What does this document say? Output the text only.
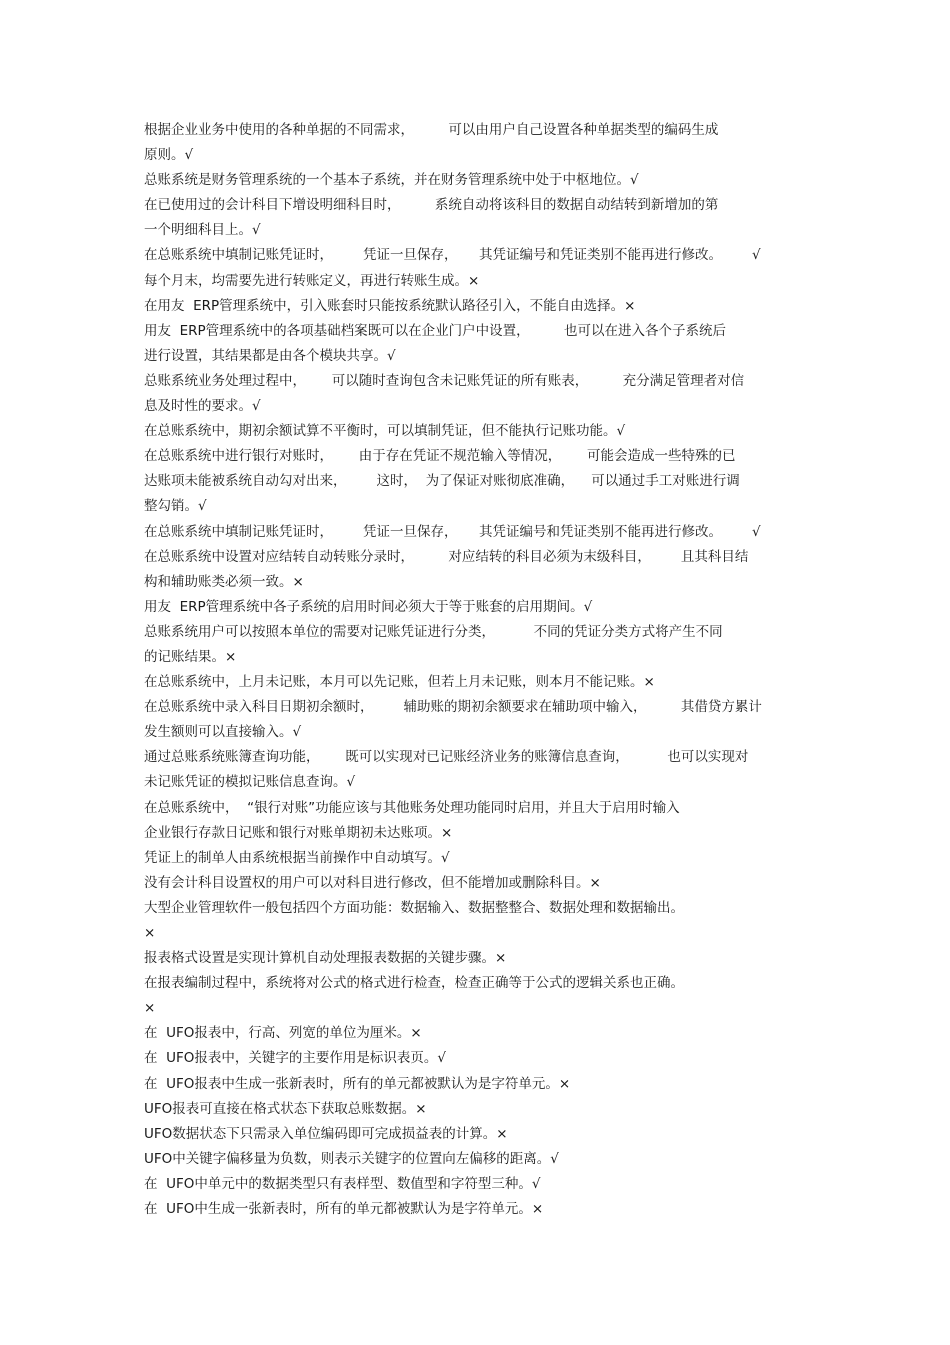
根据企业业务中使用的各种单据的不同需求，        可以由用户自己设置各种单据类型的编码生成
原则。√
总账系统是财务管理系统的一个基本子系统，并在财务管理系统中处于中枢地位。√
在已使用过的会计科目下增设明细科目时，        系统自动将该科目的数据自动结转到新增加的第
一个明细科目上。√
在总账系统中填制记账凭证时，       凭证一旦保存，     其凭证编号和凭证类别不能再进行修改。       √
每个月末，均需要先进行转账定义，再进行转账生成。×
在用友  ERP管理系统中，引入账套时只能按系统默认路径引入，不能自由选择。×
用友  ERP管理系统中的各项基础档案既可以在企业门户中设置，        也可以在进入各个子系统后
进行设置，其结果都是由各个模块共享。√
总账系统业务处理过程中，      可以随时查询包含未记账凭证的所有账表，        充分满足管理者对信
息及时性的要求。√
在总账系统中，期初余额试算不平衡时，可以填制凭证，但不能执行记账功能。√
在总账系统中进行银行对账时，      由于存在凭证不规范输入等情况，      可能会造成一些特殊的已
达账项未能被系统自动勾对出来，       这时，  为了保证对账彻底准确，    可以通过手工对账进行调
整勾销。√
在总账系统中填制记账凭证时，       凭证一旦保存，     其凭证编号和凭证类别不能再进行修改。       √
在总账系统中设置对应结转自动转账分录时，        对应结转的科目必须为末级科目，       且其科目结
构和辅助账类必须一致。×
用友  ERP管理系统中各子系统的启用时间必须大于等于账套的启用期间。√
总账系统用户可以按照本单位的需要对记账凭证进行分类，         不同的凭证分类方式将产生不同
的记账结果。×
在总账系统中，上月未记账，本月可以先记账，但若上月未记账，则本月不能记账。×
在总账系统中录入科目日期初余额时，       辅助账的期初余额要求在辅助项中输入，        其借贷方累计
发生额则可以直接输入。√
通过总账系统账簿查询功能，      既可以实现对已记账经济业务的账簿信息查询，         也可以实现对
未记账凭证的模拟记账信息查询。√
在总账系统中，  “银行对账”功能应该与其他账务处理功能同时启用，并且大于启用时输入
企业银行存款日记账和银行对账单期初未达账项。×
凭证上的制单人由系统根据当前操作中自动填写。√
没有会计科目设置权的用户可以对科目进行修改，但不能增加或删除科目。×
大型企业管理软件一般包括四个方面功能：数据输入、数据整整合、数据处理和数据输出。
×
报表格式设置是实现计算机自动处理报表数据的关键步骤。×
在报表编制过程中，系统将对公式的格式进行检查，检查正确等于公式的逻辑关系也正确。
×
在  UFO报表中，行高、列宽的单位为厘米。×
在  UFO报表中，关键字的主要作用是标识表页。√
在  UFO报表中生成一张新表时，所有的单元都被默认为是字符单元。×
UFO报表可直接在格式状态下获取总账数据。×
UFO数据状态下只需录入单位编码即可完成损益表的计算。×
UFO中关键字偏移量为负数，则表示关键字的位置向左偏移的距离。√
在  UFO中单元中的数据类型只有表样型、数值型和字符型三种。√
在  UFO中生成一张新表时，所有的单元都被默认为是字符单元。×
